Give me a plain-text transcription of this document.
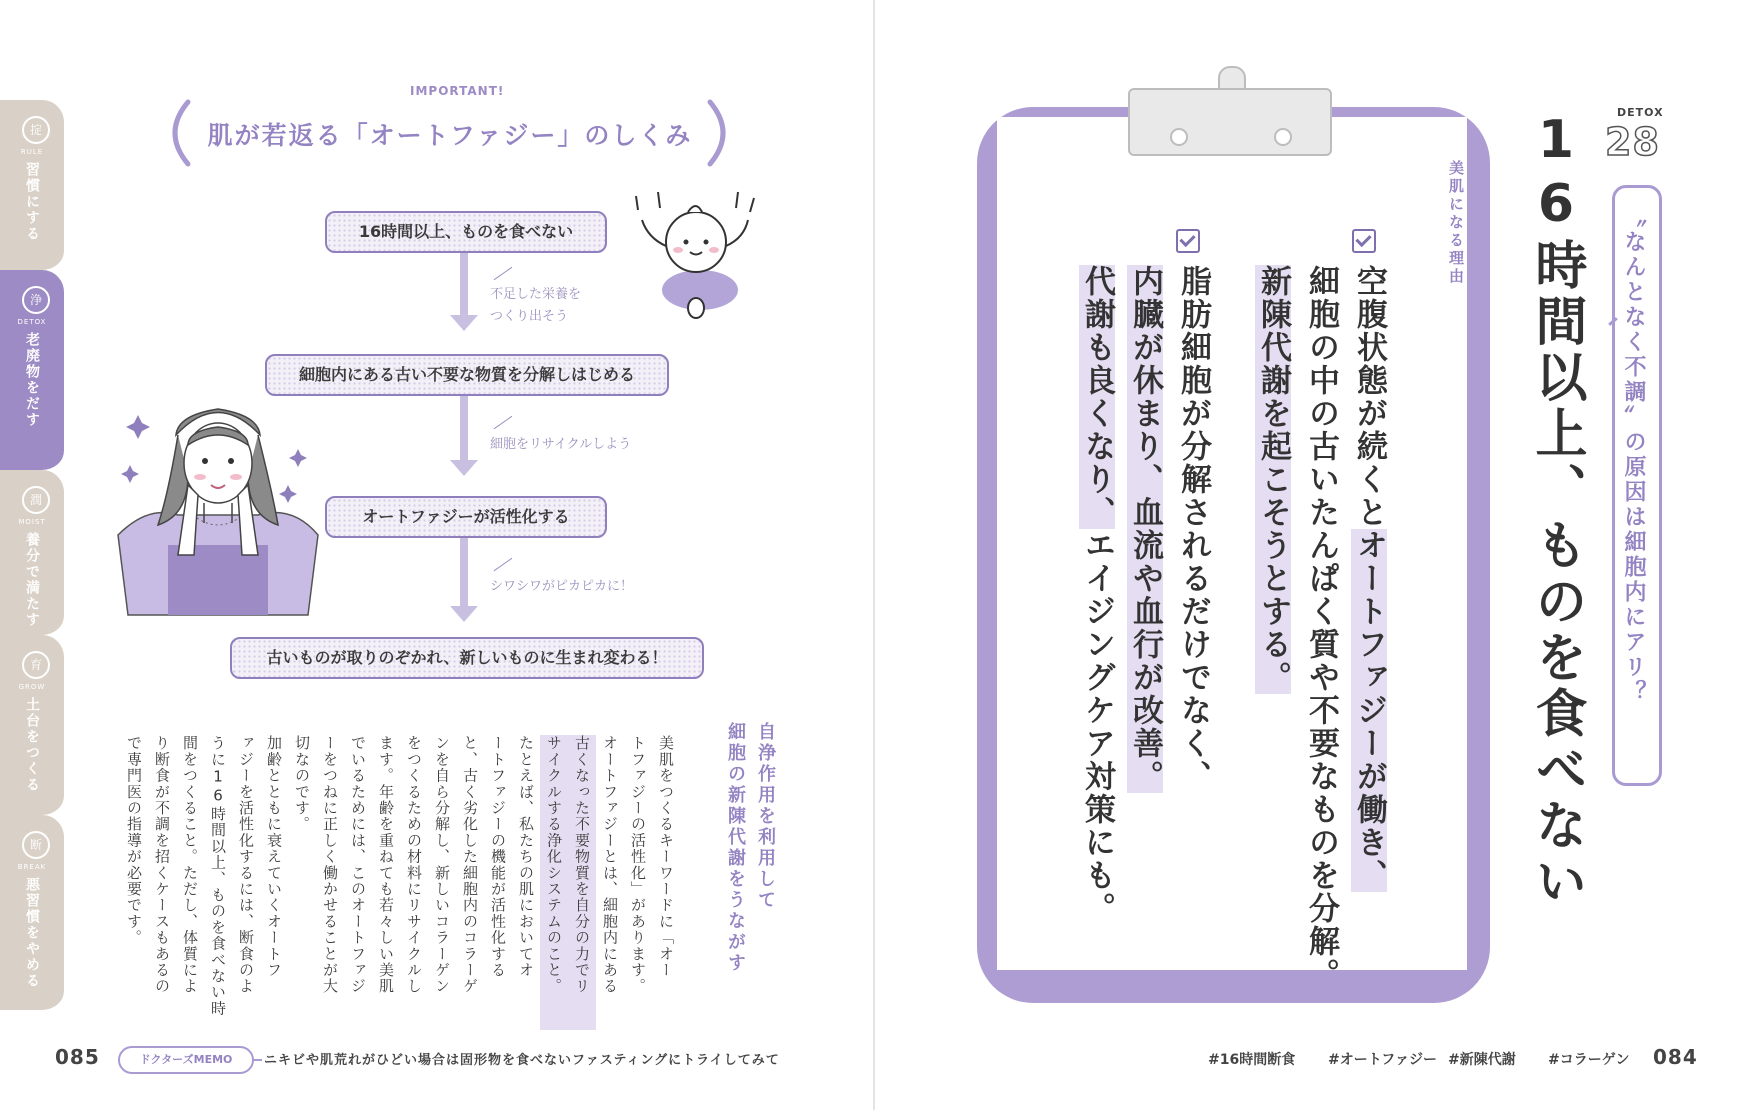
掟
RULE
習慣にする
浄
DETOX
老廃物をだす
潤
MOIST
養分で満たす
育
GROW
土台をつくる
断
BREAK
悪習慣をやめる
IMPORTANT!
肌が若返る「オートファジー」のしくみ
16時間以上、ものを食べない
不足した栄養を
つくり出そう
細胞内にある古い不要な物質を分解しはじめる
細胞をリサイクルしよう
オートファジーが活性化する
シワシワがピカピカに！
古いものが取りのぞかれ、新しいものに生まれ変わる！
自浄作用を利用して
細胞の新陳代謝をうながす
美肌をつくるキーワードに「オー
トファジーの活性化」があります。
オートファジーとは、細胞内にある
古くなった不要物質を自分の力でリ
サイクルする浄化システムのこと。
たとえば、私たちの肌においてオ
ートファジーの機能が活性化する
と、古く劣化した細胞内のコラーゲ
ンを自ら分解し、新しいコラーゲン
をつくるための材料にリサイクルし
ます。年齢を重ねても若々しい美肌
でいるためには、このオートファジ
ーをつねに正しく働かせることが大
切なのです。
加齢とともに衰えていくオートフ
ァジーを活性化するには、断食のよ
うに16時間以上、ものを食べない時
間をつくること。ただし、体質によ
り断食が不調を招くケースもあるの
で専門医の指導が必要です。
085	ドクターズMEMO	ニキビや肌荒れがひどい場合は固形物を食べないファスティングにトライしてみて
美肌になる理由
空腹状態が続くとオートファジーが働き、
細胞の中の古いたんぱく質や不要なものを分解。
新陳代謝を起こそうとする。
脂肪細胞が分解されるだけでなく、
内臓が休まり、血流や血行が改善。
代謝も良くなり、エイジングケア対策にも。
DETOX
28
16時間以上、ものを食べない 〝なんとなく不調〟の原因は細胞内にアリ？
#16時間断食 #オートファジー #新陳代謝 #コラーゲン 084
